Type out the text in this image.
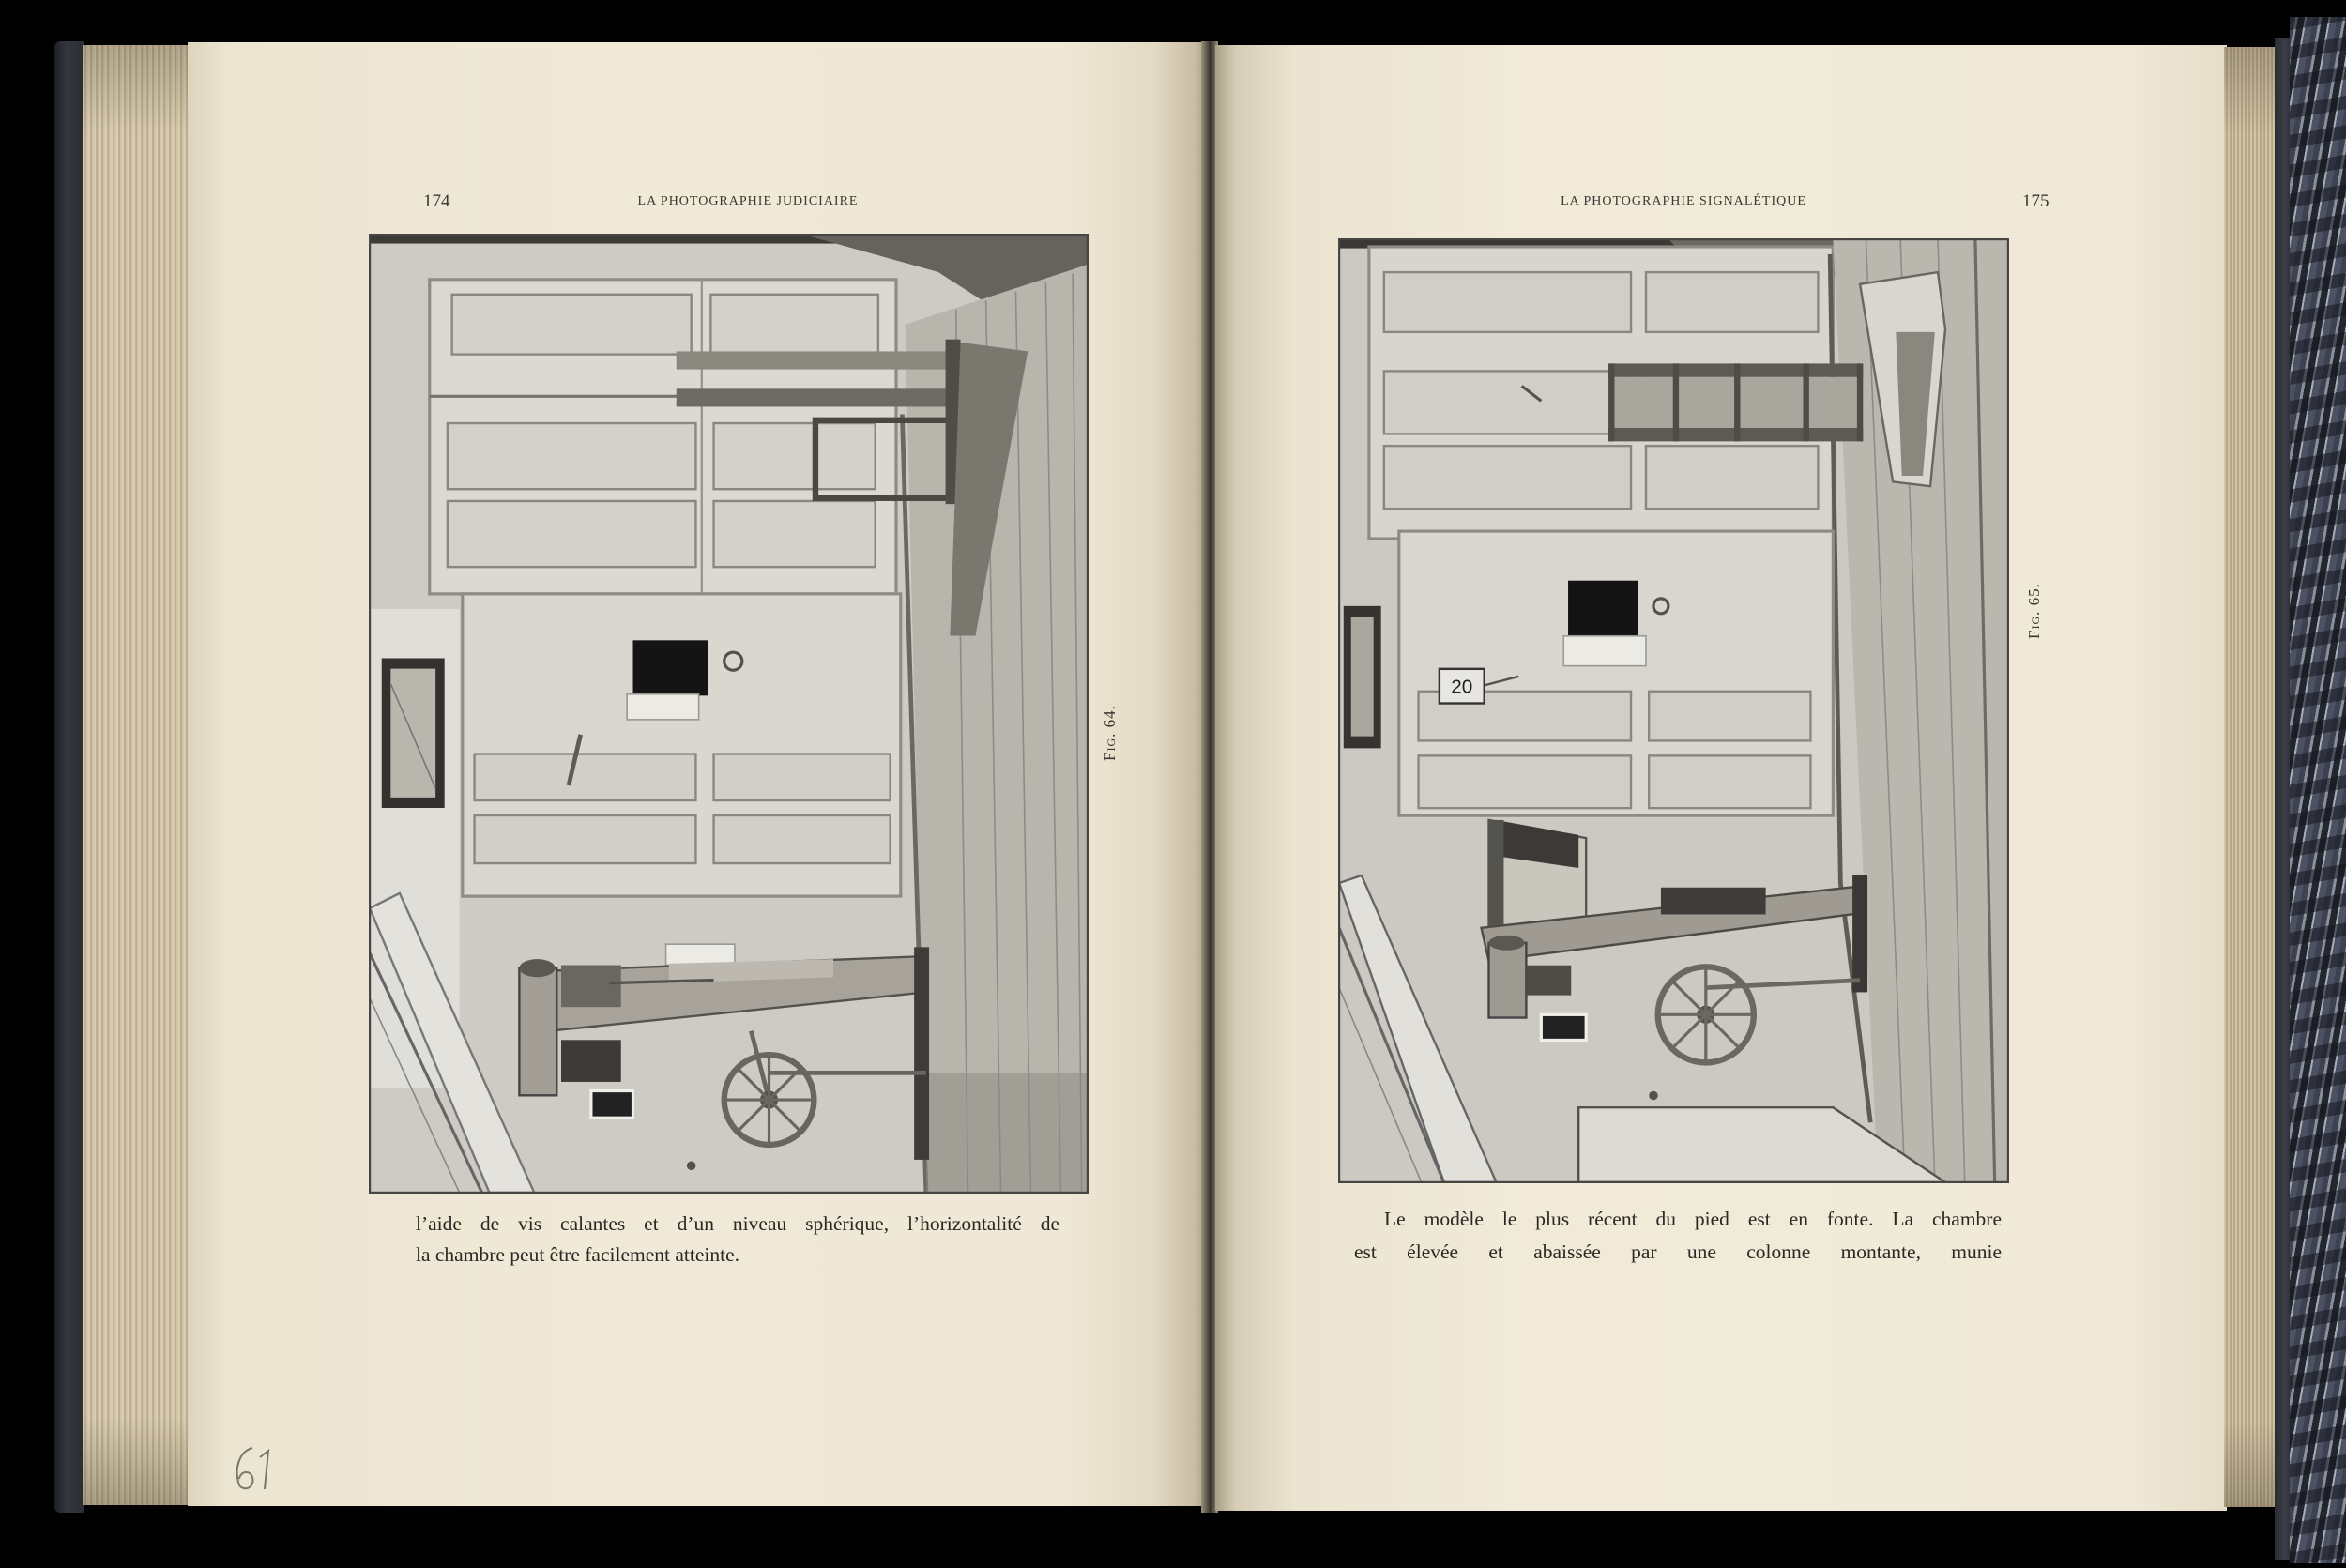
174	LA PHOTOGRAPHIE JUDICIAIRE
Fig. 64.
l’aide de vis calantes et d’un niveau sphérique, l’horizontalité de
la chambre peut être facilement atteinte.
LA PHOTOGRAPHIE SIGNALÉTIQUE	175
20
Fig. 65.
Le modèle le plus récent du pied est en fonte. La chambre
est élevée et abaissée par une colonne montante, munie
